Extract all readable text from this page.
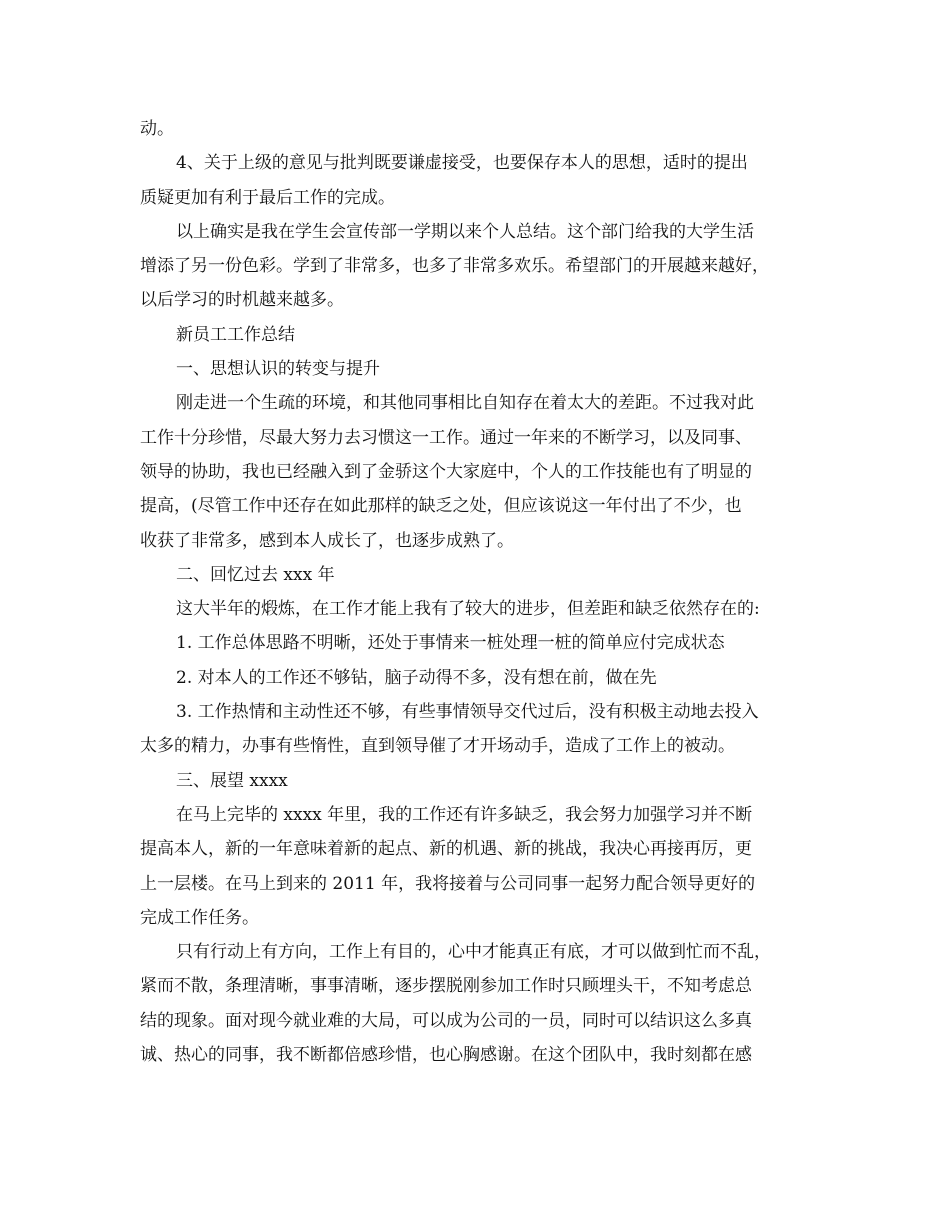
动。

4、关于上级的意见与批判既要谦虚接受，也要保存本人的思想，适时的提出

质疑更加有利于最后工作的完成。

以上确实是我在学生会宣传部一学期以来个人总结。这个部门给我的大学生活

增添了另一份色彩。学到了非常多，也多了非常多欢乐。希望部门的开展越来越好，

以后学习的时机越来越多。

新员工工作总结

一、思想认识的转变与提升

刚走进一个生疏的环境，和其他同事相比自知存在着太大的差距。不过我对此

工作十分珍惜，尽最大努力去习惯这一工作。通过一年来的不断学习，以及同事、

领导的协助，我也已经融入到了金骄这个大家庭中，个人的工作技能也有了明显的

提高，(尽管工作中还存在如此那样的缺乏之处，但应该说这一年付出了不少，也

收获了非常多，感到本人成长了，也逐步成熟了。

二、回忆过去 xxx 年

这大半年的煅炼，在工作才能上我有了较大的进步，但差距和缺乏依然存在的:

1. 工作总体思路不明晰，还处于事情来一桩处理一桩的简单应付完成状态

2. 对本人的工作还不够钻，脑子动得不多，没有想在前，做在先

3. 工作热情和主动性还不够，有些事情领导交代过后，没有积极主动地去投入

太多的精力，办事有些惰性，直到领导催了才开场动手，造成了工作上的被动。

三、展望 xxxx

在马上完毕的 xxxx 年里，我的工作还有许多缺乏，我会努力加强学习并不断

提高本人，新的一年意味着新的起点、新的机遇、新的挑战，我决心再接再厉，更

上一层楼。在马上到来的 2011 年，我将接着与公司同事一起努力配合领导更好的

完成工作任务。

只有行动上有方向，工作上有目的，心中才能真正有底，才可以做到忙而不乱，

紧而不散，条理清晰，事事清晰，逐步摆脱刚参加工作时只顾埋头干，不知考虑总

结的现象。面对现今就业难的大局，可以成为公司的一员，同时可以结识这么多真

诚、热心的同事，我不断都倍感珍惜，也心胸感谢。在这个团队中，我时刻都在感
